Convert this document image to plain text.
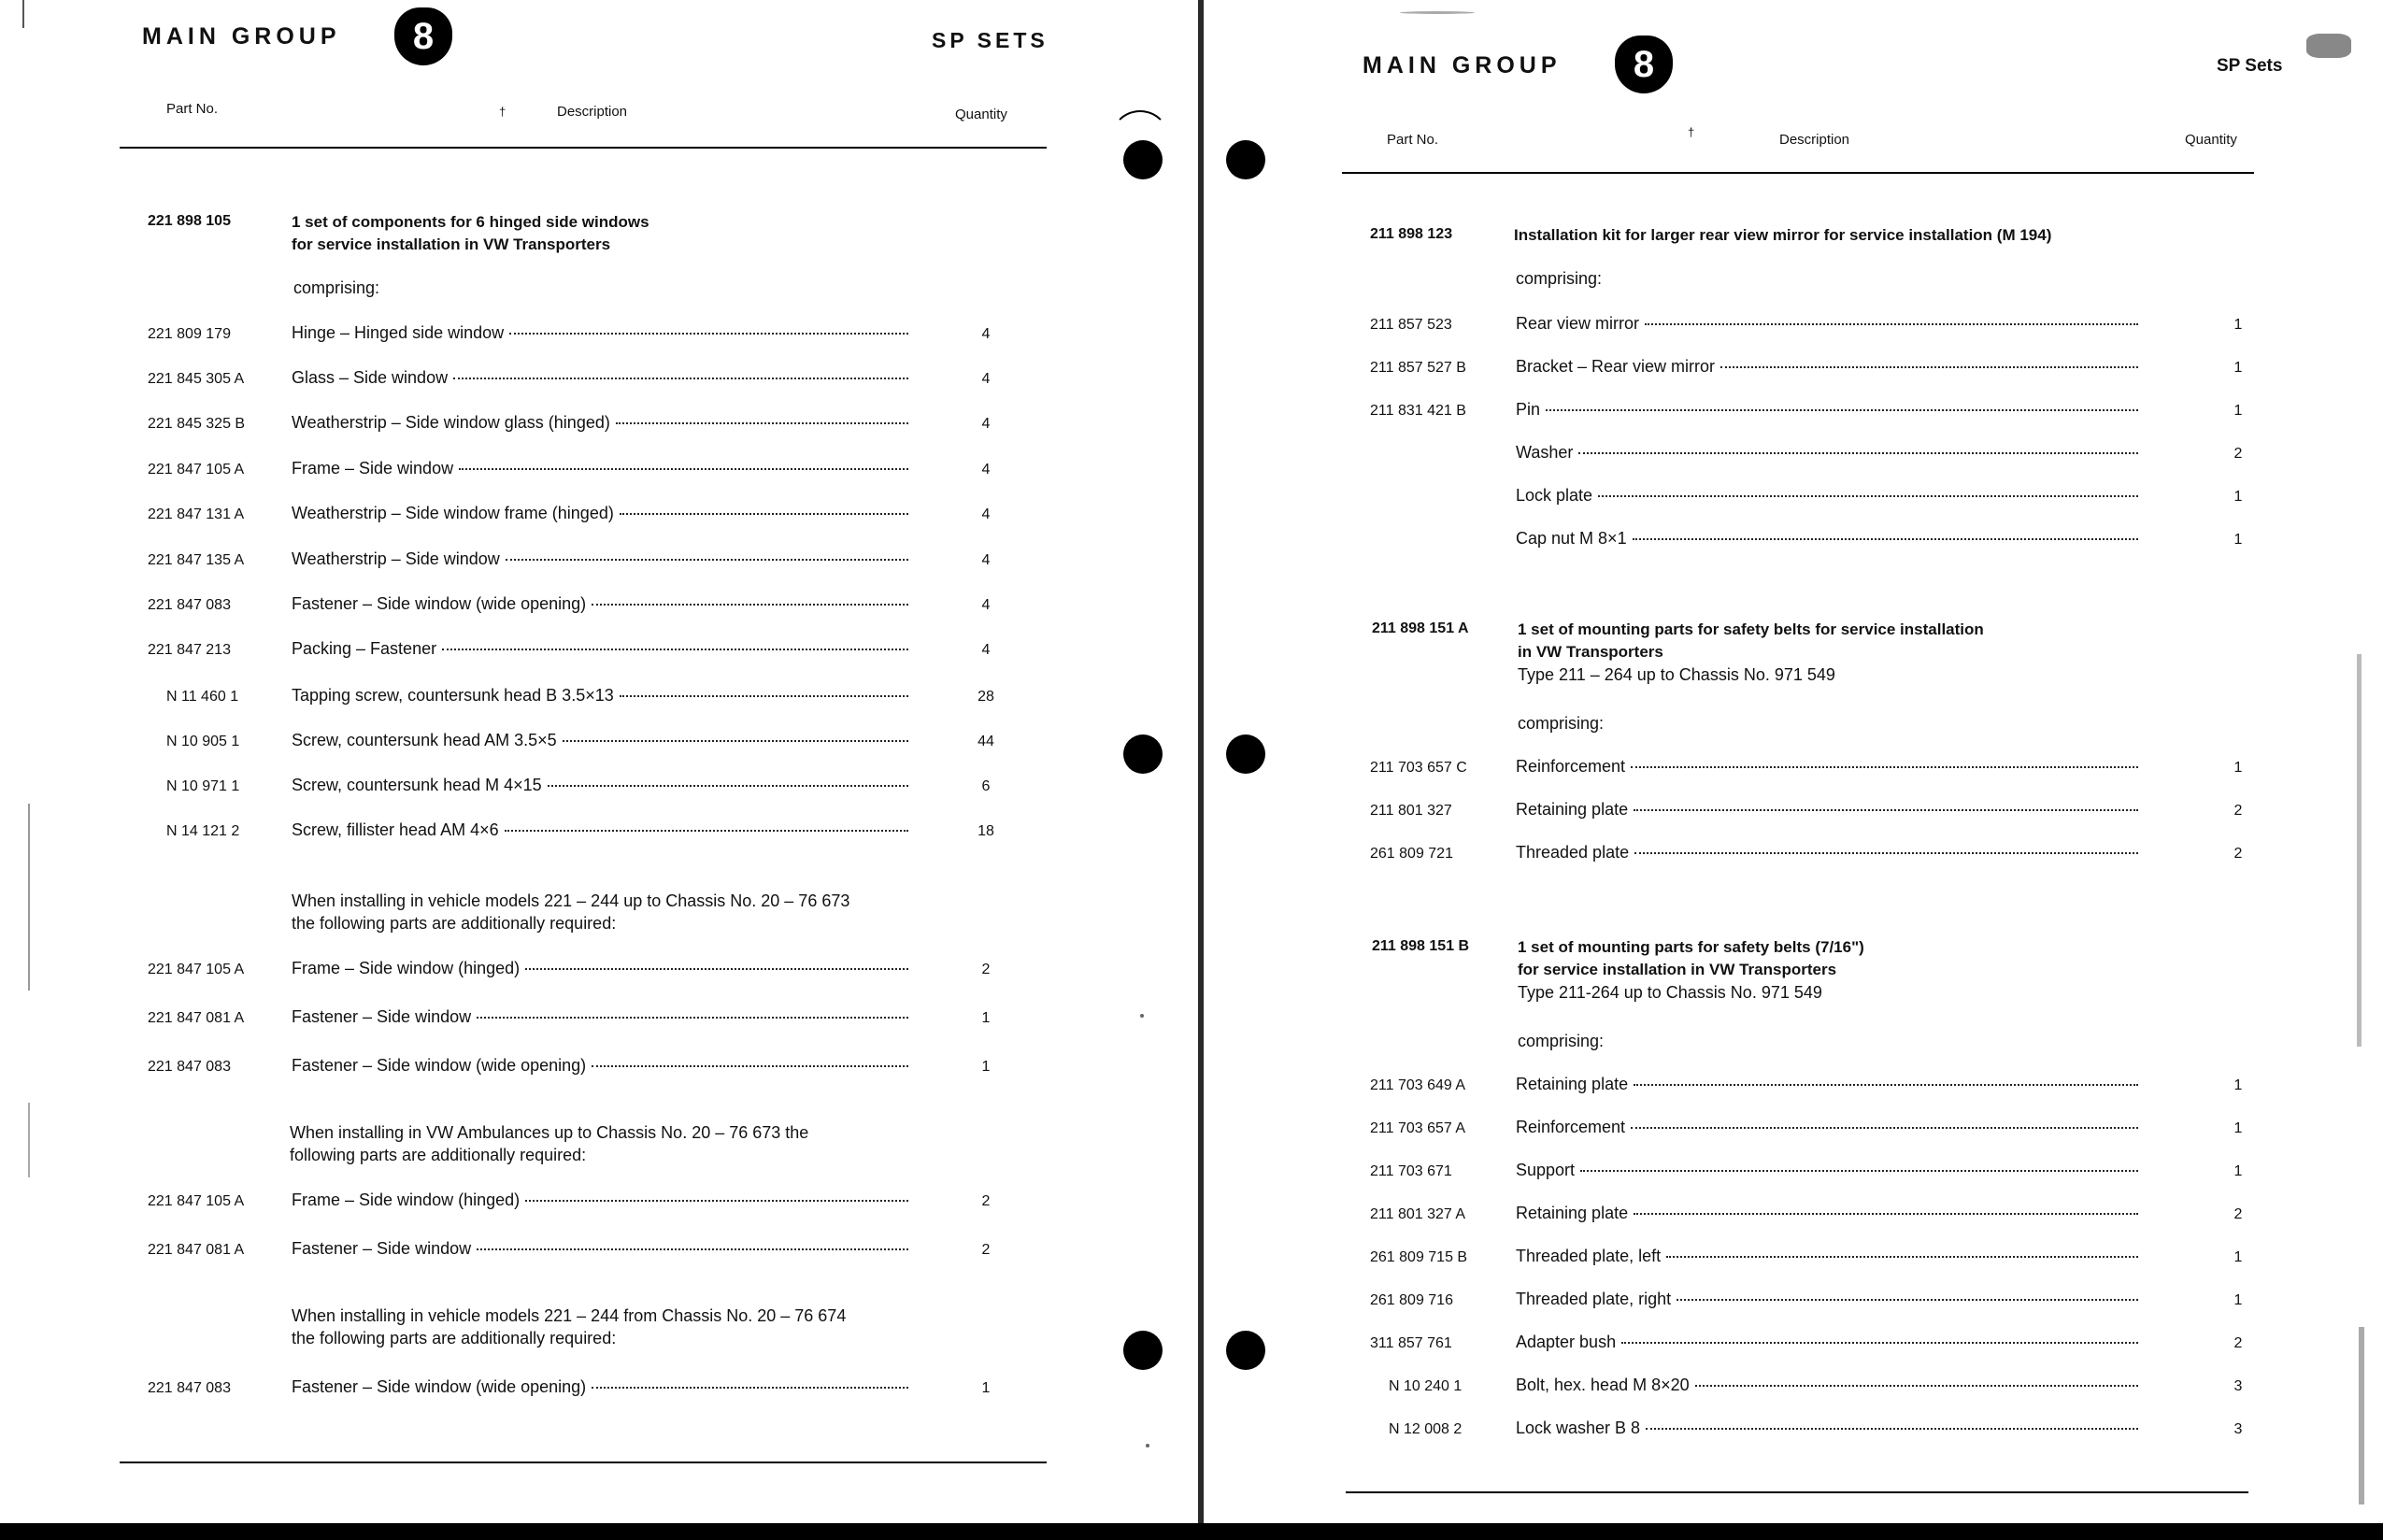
MAIN GROUP	8	SP SETS
Part No.	†	Description	Quantity
221 898 105	1 set of components for 6 hinged side windows
for service installation in VW Transporters
comprising:
221 809 179	Hinge – Hinged side window	4
221 845 305 A	Glass – Side window	4
221 845 325 B	Weatherstrip – Side window glass (hinged)	4
221 847 105 A	Frame – Side window	4
221 847 131 A	Weatherstrip – Side window frame (hinged)	4
221 847 135 A	Weatherstrip – Side window	4
221 847 083	Fastener – Side window (wide opening)	4
221 847 213	Packing – Fastener	4
N 11 460 1	Tapping screw, countersunk head B 3.5×13	28
N 10 905 1	Screw, countersunk head AM 3.5×5	44
N 10 971 1	Screw, countersunk head M 4×15	6
N 14 121 2	Screw, fillister head AM 4×6	18
221 847 105 A	Frame – Side window (hinged)	2
221 847 081 A	Fastener – Side window	1
221 847 083	Fastener – Side window (wide opening)	1
221 847 105 A	Frame – Side window (hinged)	2
221 847 081 A	Fastener – Side window	2
221 847 083	Fastener – Side window (wide opening)	1
When installing in vehicle models 221 – 244 up to Chassis No. 20 – 76 673
the following parts are additionally required:
When installing in VW Ambulances up to Chassis No. 20 – 76 673 the
following parts are additionally required:
When installing in vehicle models 221 – 244 from Chassis No. 20 – 76 674
the following parts are additionally required:
MAIN GROUP	8	SP Sets
Part No.	†	Description	Quantity
211 898 123	Installation kit for larger rear view mirror for service installation (M 194)
comprising:
211 898 151 A	1 set of mounting parts for safety belts for service installation
in VW Transporters
Type 211 – 264 up to Chassis No. 971 549
comprising:
211 898 151 B	1 set of mounting parts for safety belts (7/16")
for service installation in VW Transporters
Type 211-264 up to Chassis No. 971 549
comprising:
211 857 523	Rear view mirror	1
211 857 527 B	Bracket – Rear view mirror	1
211 831 421 B	Pin	1
Washer	2
Lock plate	1
Cap nut M 8×1	1
211 703 657 C	Reinforcement	1
211 801 327	Retaining plate	2
261 809 721	Threaded plate	2
211 703 649 A	Retaining plate	1
211 703 657 A	Reinforcement	1
211 703 671	Support	1
211 801 327 A	Retaining plate	2
261 809 715 B	Threaded plate, left	1
261 809 716	Threaded plate, right	1
311 857 761	Adapter bush	2
N 10 240 1	Bolt, hex. head M 8×20	3
N 12 008 2	Lock washer B 8	3
